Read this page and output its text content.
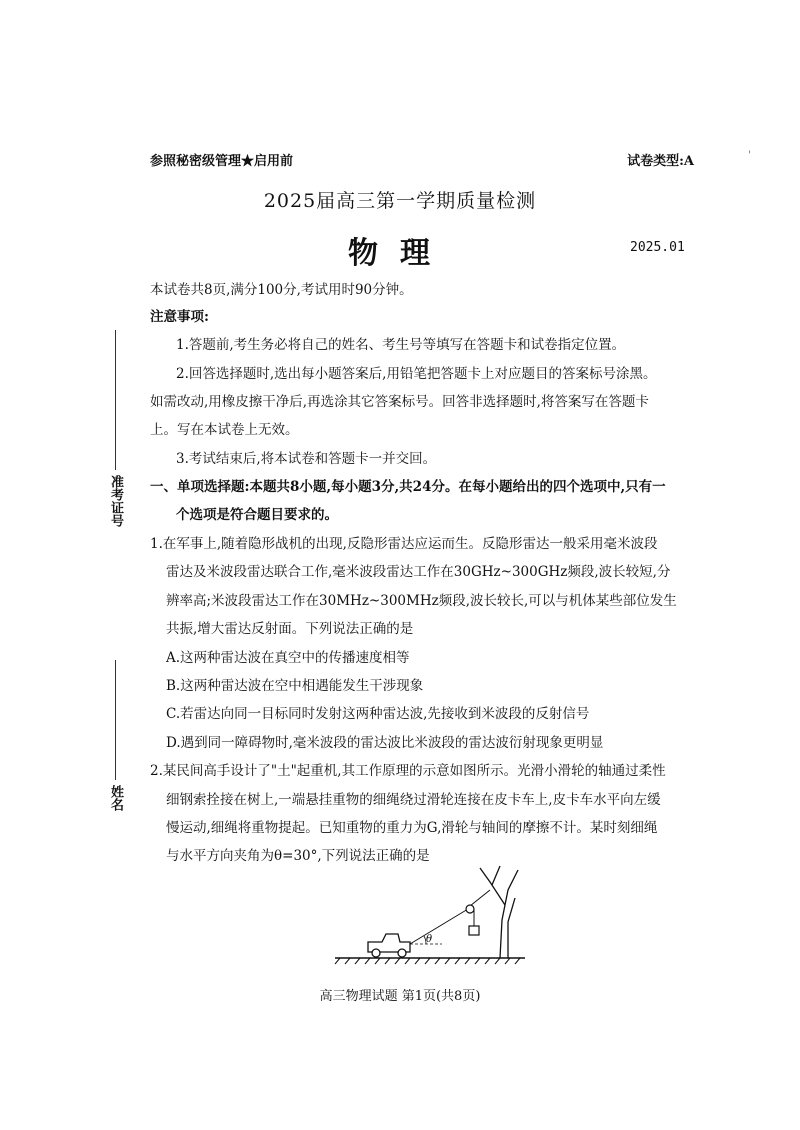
参照秘密级管理★启用前	试卷类型:A	'
2025届高三第一学期质量检测
物理	2025.01
本试卷共8页,满分100分,考试用时90分钟。
注意事项:
1.答题前,考生务必将自己的姓名、考生号等填写在答题卡和试卷指定位置。
2.回答选择题时,选出每小题答案后,用铅笔把答题卡上对应题目的答案标号涂黑。
如需改动,用橡皮擦干净后,再选涂其它答案标号。回答非选择题时,将答案写在答题卡
上。写在本试卷上无效。
3.考试结束后,将本试卷和答题卡一并交回。
一、单项选择题:本题共8小题,每小题3分,共24分。在每小题给出的四个选项中,只有一
个选项是符合题目要求的。
1.在军事上,随着隐形战机的出现,反隐形雷达应运而生。反隐形雷达一般采用毫米波段
雷达及米波段雷达联合工作,毫米波段雷达工作在30GHz~300GHz频段,波长较短,分
辨率高;米波段雷达工作在30MHz~300MHz频段,波长较长,可以与机体某些部位发生
共振,增大雷达反射面。下列说法正确的是
A.这两种雷达波在真空中的传播速度相等
B.这两种雷达波在空中相遇能发生干涉现象
C.若雷达向同一目标同时发射这两种雷达波,先接收到米波段的反射信号
D.遇到同一障碍物时,毫米波段的雷达波比米波段的雷达波衍射现象更明显
2.某民间高手设计了"土"起重机,其工作原理的示意如图所示。光滑小滑轮的轴通过柔性
细钢索拴接在树上,一端悬挂重物的细绳绕过滑轮连接在皮卡车上,皮卡车水平向左缓
慢运动,细绳将重物提起。已知重物的重力为G,滑轮与轴间的摩擦不计。某时刻细绳
与水平方向夹角为θ=30°,下列说法正确的是
θ
准考证号
姓名
高三物理试题 第1页(共8页)
